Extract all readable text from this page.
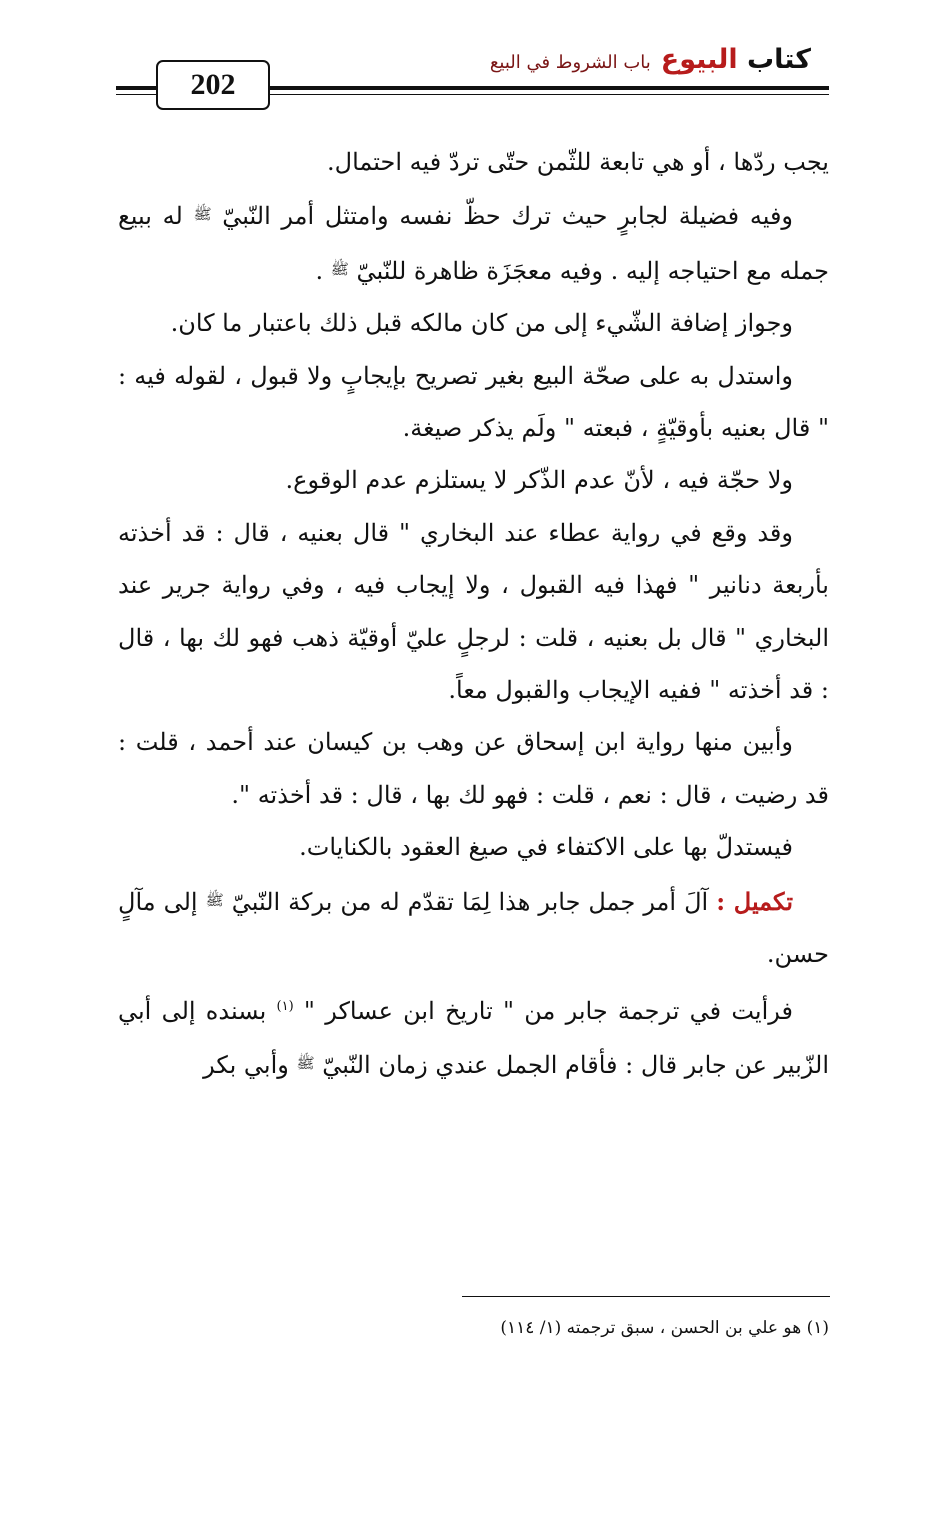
202
كتاب البيوع
باب الشروط في البيع

يجب ردّها ، أو هي تابعة للثّمن حتّى تردّ فيه احتمال.

وفيه فضيلة لجابرٍ حيث ترك حظّ نفسه وامتثل أمر النّبيّ $^ﷺ$ له ببيع جمله مع احتياجه إليه . وفيه معجَزَة ظاهرة للنّبيّ $^ﷺ$ .

وجواز إضافة الشّيء إلى من كان مالكه قبل ذلك باعتبار ما كان.

واستدل به على صحّة البيع بغير تصريح بإيجابٍ ولا قبول ، لقوله فيه : " قال بعنيه بأوقيّةٍ ، فبعته " ولَم يذكر صيغة.

ولا حجّة فيه ، لأنّ عدم الذّكر لا يستلزم عدم الوقوع.

وقد وقع في رواية عطاء عند البخاري " قال بعنيه ، قال : قد أخذته بأربعة دنانير " فهذا فيه القبول ، ولا إيجاب فيه ، وفي رواية جرير عند البخاري " قال بل بعنيه ، قلت : لرجلٍ عليّ أوقيّة ذهب فهو لك بها ، قال : قد أخذته " ففيه الإيجاب والقبول معاً.

وأبين منها رواية ابن إسحاق عن وهب بن كيسان عند أحمد ، قلت : قد رضيت ، قال : نعم ، قلت : فهو لك بها ، قال : قد أخذته ".

فيستدلّ بها على الاكتفاء في صيغ العقود بالكنايات.

تكميل : آلَ أمر جمل جابر هذا لِمَا تقدّم له من بركة النّبيّ $^ﷺ$ إلى مآلٍ حسن.

فرأيت في ترجمة جابر من " تاريخ ابن عساكر " $^{(١)}$ بسنده إلى أبي الزّبير عن جابر قال : فأقام الجمل عندي زمان النّبيّ $^ﷺ$ وأبي بكر

(١) هو علي بن الحسن ، سبق ترجمته (١/ ١١٤)
